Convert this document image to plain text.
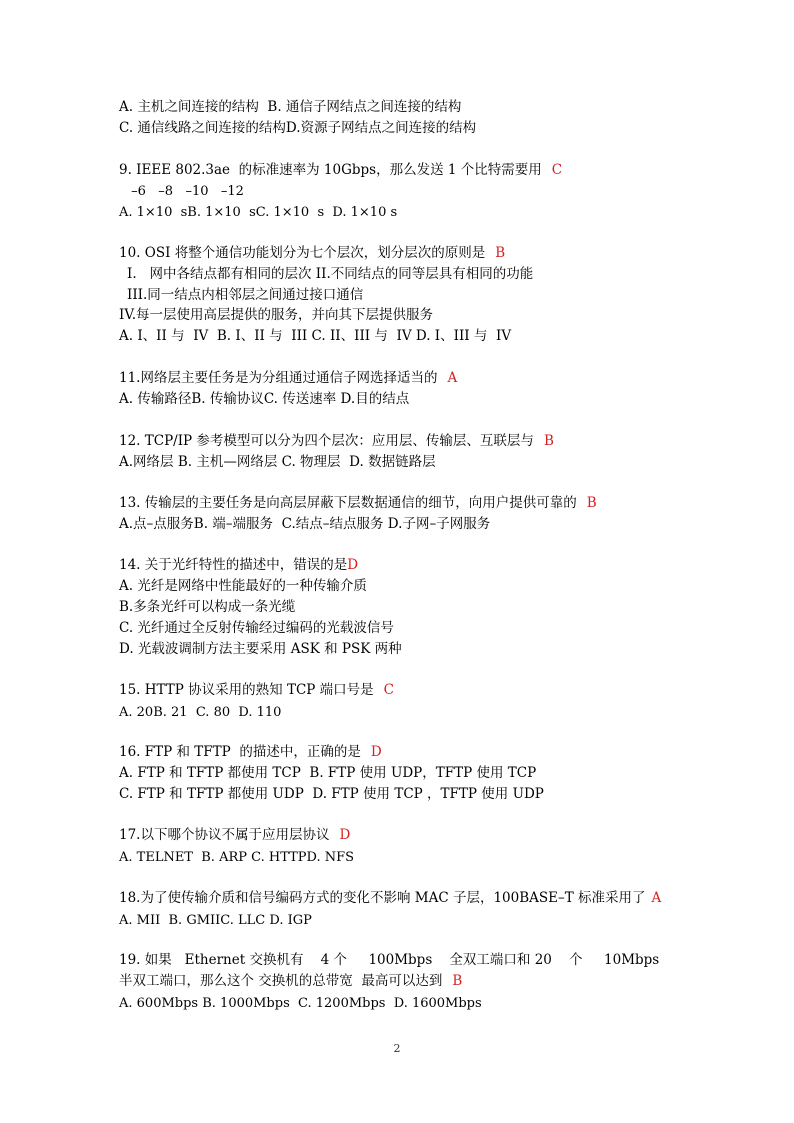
A. 主机之间连接的结构  B. 通信子网结点之间连接的结构
C. 通信线路之间连接的结构D.资源子网结点之间连接的结构
9. IEEE 802.3ae  的标准速率为 10Gbps，那么发送 1 个比特需要用 C
–6   –8   –10   –12
A. 1×10  sB. 1×10  sC. 1×10  s  D. 1×10 s
10. OSI 将整个通信功能划分为七个层次，划分层次的原则是 B
I.   网中各结点都有相同的层次 II.不同结点的同等层具有相同的功能
III.同一结点内相邻层之间通过接口通信
IV.每一层使用高层提供的服务，并向其下层提供服务
A. I、II 与  IV  B. I、II 与  III C. II、III 与  IV D. I、III 与  IV
11.网络层主要任务是为分组通过通信子网选择适当的 A
A. 传输路径B. 传输协议C. 传送速率 D.目的结点
12. TCP/IP 参考模型可以分为四个层次：应用层、传输层、互联层与 B
A.网络层 B. 主机—网络层 C. 物理层  D. 数据链路层
13. 传输层的主要任务是向高层屏蔽下层数据通信的细节，向用户提供可靠的 B
A.点–点服务B. 端–端服务  C.结点–结点服务 D.子网–子网服务
14. 关于光纤特性的描述中，错误的是D
A. 光纤是网络中性能最好的一种传输介质
B.多条光纤可以构成一条光缆
C. 光纤通过全反射传输经过编码的光载波信号
D. 光载波调制方法主要采用 ASK 和 PSK 两种
15. HTTP 协议采用的熟知 TCP 端口号是 C
A. 20B. 21  C. 80  D. 110
16. FTP 和 TFTP  的描述中，正确的是 D
A. FTP 和 TFTP 都使用 TCP  B. FTP 使用 UDP，TFTP 使用 TCP
C. FTP 和 TFTP 都使用 UDP  D. FTP 使用 TCP ，TFTP 使用 UDP
17.以下哪个协议不属于应用层协议 D
A. TELNET  B. ARP C. HTTPD. NFS
18.为了使传输介质和信号编码方式的变化不影响 MAC 子层，100BASE–T 标准采用了 A
A. MII  B. GMIIC. LLC D. IGP
19. 如果   Ethernet 交换机有    4 个     100Mbps    全双工端口和 20    个     10Mbps
半双工端口，那么这个 交换机的总带宽  最高可以达到 B
A. 600Mbps B. 1000Mbps  C. 1200Mbps  D. 1600Mbps
2
